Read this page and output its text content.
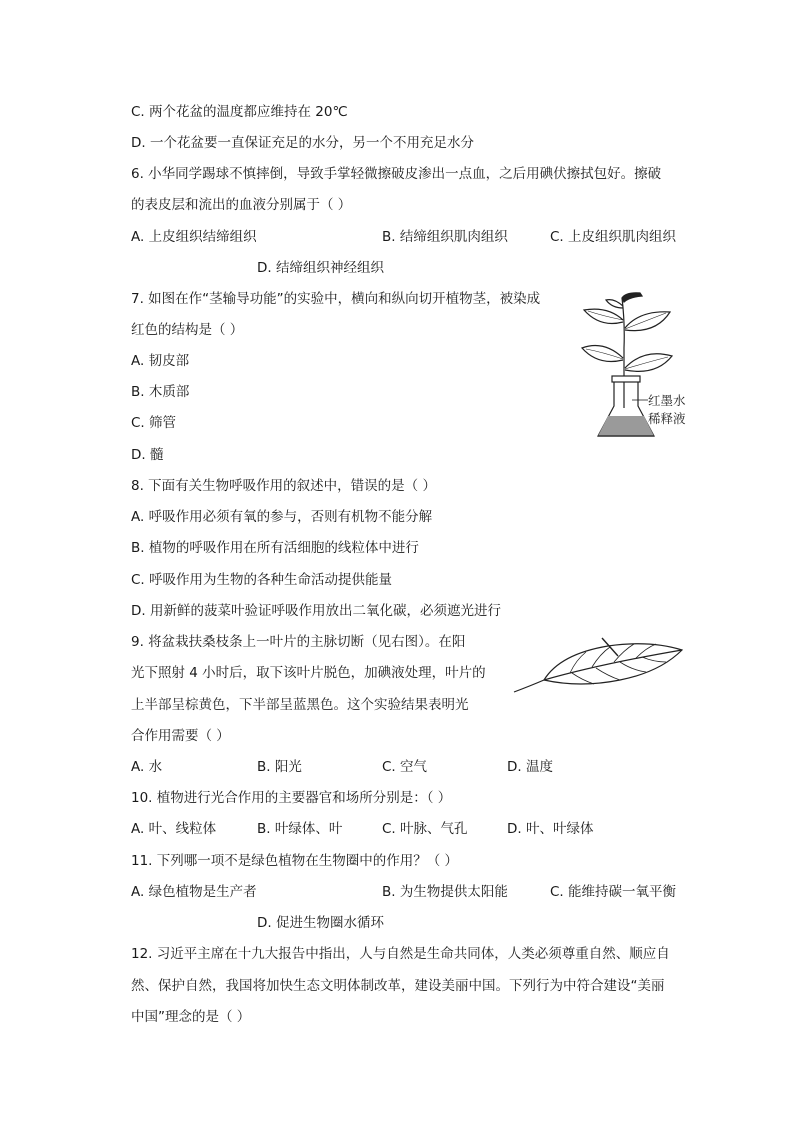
C. 两个花盆的温度都应维持在 20℃
D. 一个花盆要一直保证充足的水分，另一个不用充足水分
6. 小华同学踢球不慎摔倒，导致手掌轻微擦破皮渗出一点血，之后用碘伏擦拭包好。擦破
的表皮层和流出的血液分别属于（ ）
A. 上皮组织结缔组织	B. 结缔组织肌肉组织	C. 上皮组织肌肉组织
D. 结缔组织神经组织
7. 如图在作“茎输导功能”的实验中，横向和纵向切开植物茎，被染成
红色的结构是（ ）
A. 韧皮部
B. 木质部
C. 筛管
D. 髓
红墨水
稀释液
8. 下面有关生物呼吸作用的叙述中，错误的是（ ）
A. 呼吸作用必须有氧的参与，否则有机物不能分解
B. 植物的呼吸作用在所有活细胞的线粒体中进行
C. 呼吸作用为生物的各种生命活动提供能量
D. 用新鲜的菠菜叶验证呼吸作用放出二氧化碳，必须遮光进行
9. 将盆栽扶桑枝条上一叶片的主脉切断（见右图）。在阳
光下照射 4 小时后，取下该叶片脱色，加碘液处理，叶片的
上半部呈棕黄色，下半部呈蓝黑色。这个实验结果表明光
合作用需要（ ）
A. 水	B. 阳光	C. 空气	D. 温度
10. 植物进行光合作用的主要器官和场所分别是：（ ）
A. 叶、线粒体	B. 叶绿体、叶	C. 叶脉、气孔	D. 叶、叶绿体
11. 下列哪一项不是绿色植物在生物圈中的作用？（ ）
A. 绿色植物是生产者	B. 为生物提供太阳能	C. 能维持碳一氧平衡
D. 促进生物圈水循环
12. 习近平主席在十九大报告中指出，人与自然是生命共同体，人类必须尊重自然、顺应自
然、保护自然，我国将加快生态文明体制改革，建设美丽中国。下列行为中符合建设“美丽
中国”理念的是（ ）
